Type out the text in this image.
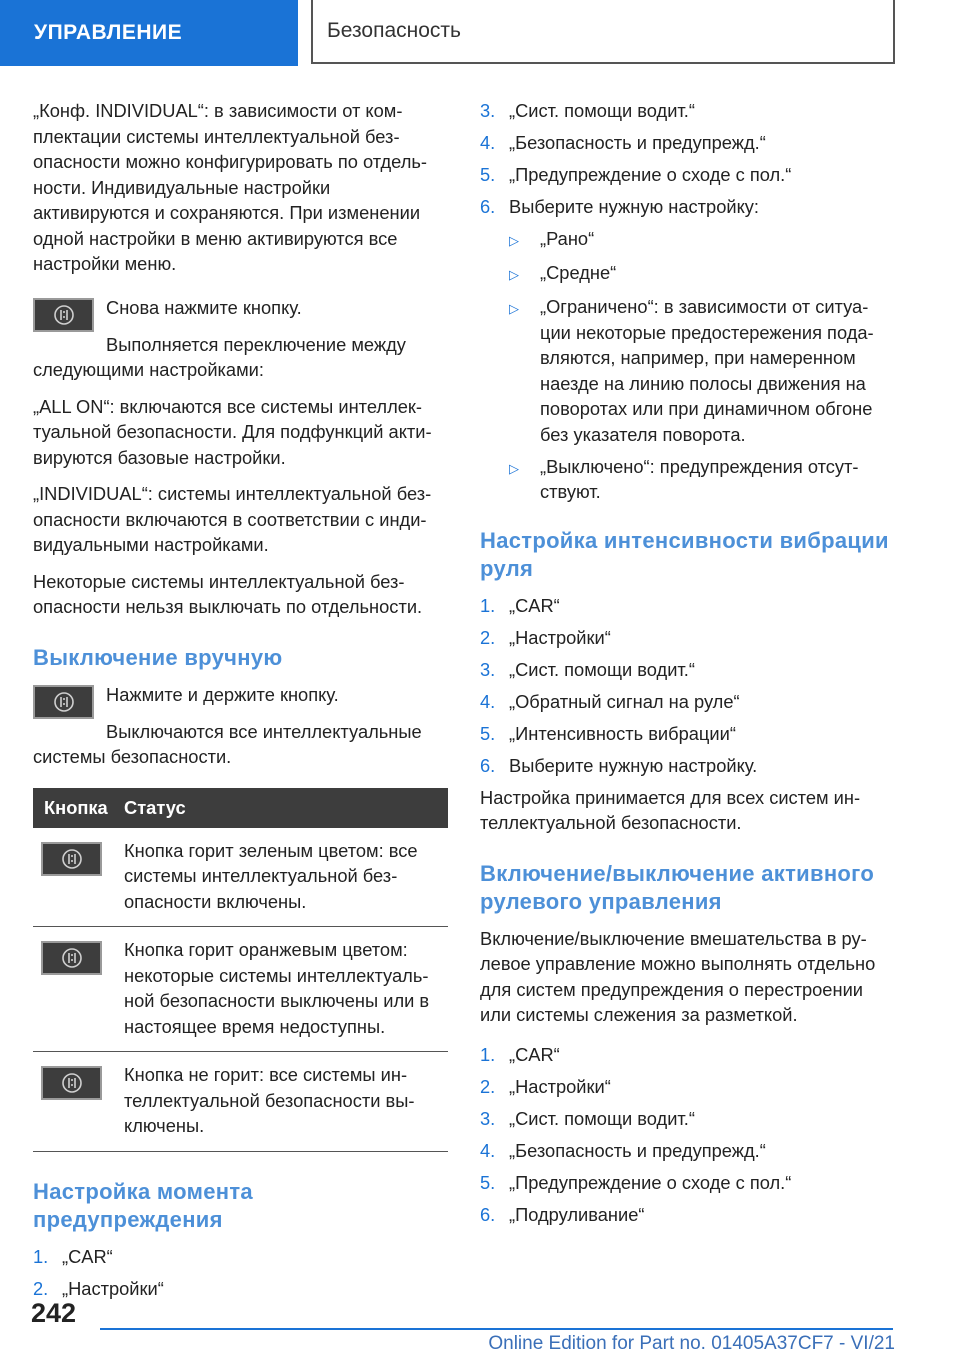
УПРАВЛЕНИЕ	Безопасность

„Конф. INDIVIDUAL“: в зависимости от ком-плектации системы интеллектуальной без-опасности можно конфигурировать по отдель-ности. Индивидуальные настройки активируются и сохраняются. При изменении одной настройки в меню активируются все настройки меню.

Снова нажмите кнопку.

Выполняется переключение между следующими настройками:

„ALL ON“: включаются все системы интеллек-туальной безопасности. Для подфункций акти-вируются базовые настройки.

„INDIVIDUAL“: системы интеллектуальной без-опасности включаются в соответствии с инди-видуальными настройками.

Некоторые системы интеллектуальной без-опасности нельзя выключать по отдельности.

Выключение вручную

Нажмите и держите кнопку.

Выключаются все интеллектуальные системы безопасности.

Кнопка	Статус

	Кнопка горит зеленым цветом: все системы интеллектуальной без-опасности включены.

	Кнопка горит оранжевым цветом: некоторые системы интеллектуаль-ной безопасности выключены или в настоящее время недоступны.

	Кнопка не горит: все системы ин-теллектуальной безопасности вы-ключены.
Настройка момента предупреждения
1. „CAR“
2. „Настройки“
3. „Сист. помощи водит.“
4. „Безопасность и предупрежд.“
5. „Предупреждение о сходе с пол.“
6. Выберите нужную настройку:
▷	„Рано“
▷	„Средне“
▷	„Ограничено“: в зависимости от ситуа-ции некоторые предостережения пода-вляются, например, при намеренном наезде на линию полосы движения на поворотах или при динамичном обгоне без указателя поворота.
▷	„Выключено“: предупреждения отсут-ствуют.
Настройка интенсивности вибрации руля
1. „CAR“
2. „Настройки“
3. „Сист. помощи водит.“
4. „Обратный сигнал на руле“
5. „Интенсивность вибрации“
6. Выберите нужную настройку.

Настройка принимается для всех систем ин-теллектуальной безопасности.

Включение/выключение активного рулевого управления

Включение/выключение вмешательства в ру-левое управление можно выполнять отдельно для систем предупреждения о перестроении или системы слежения за разметкой.

1. „CAR“
2. „Настройки“
3. „Сист. помощи водит.“
4. „Безопасность и предупрежд.“
5. „Предупреждение о сходе с пол.“
6. „Подруливание“
242
Online Edition for Part no. 01405A37CF7 - VI/21
